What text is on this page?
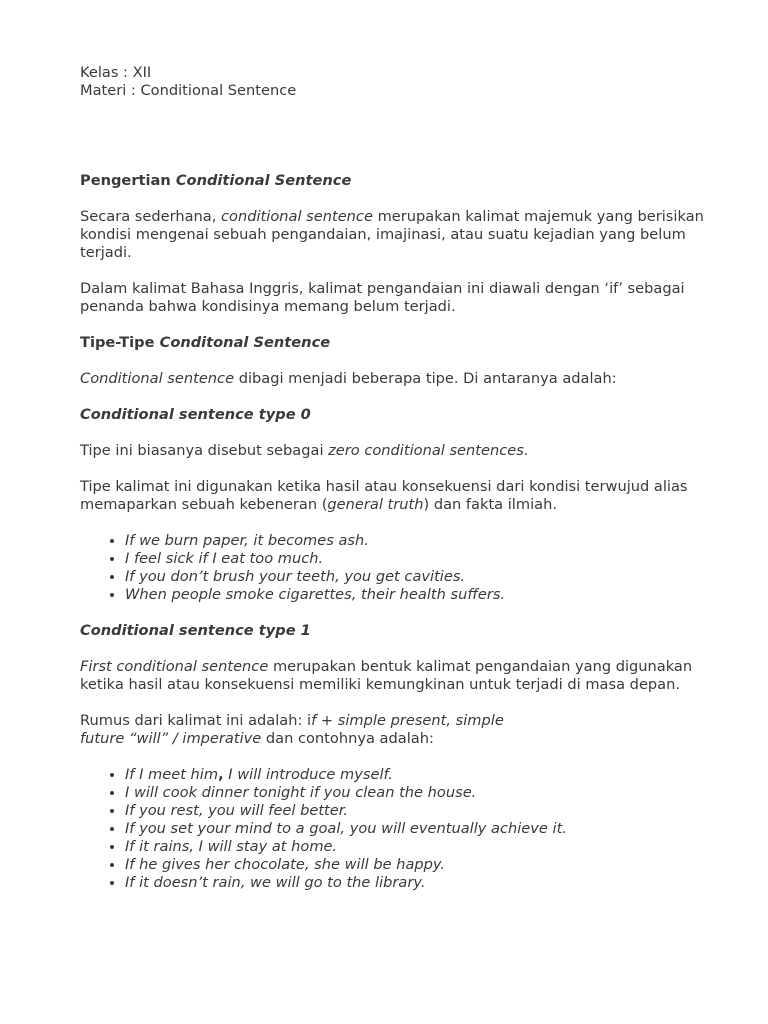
Kelas : XII

Materi : Conditional Sentence

Pengertian Conditional Sentence

Secara sederhana, conditional sentence merupakan kalimat majemuk yang berisikan kondisi mengenai sebuah pengandaian, imajinasi, atau suatu kejadian yang belum terjadi.

Dalam kalimat Bahasa Inggris, kalimat pengandaian ini diawali dengan ‘if’ sebagai penanda bahwa kondisinya memang belum terjadi.

Tipe-Tipe Conditonal Sentence

Conditional sentence dibagi menjadi beberapa tipe. Di antaranya adalah:

Conditional sentence type 0

Tipe ini biasanya disebut sebagai zero conditional sentences.

Tipe kalimat ini digunakan ketika hasil atau konsekuensi dari kondisi terwujud alias memaparkan sebuah kebeneran (general truth) dan fakta ilmiah.

• If we burn paper, it becomes ash.
• I feel sick if I eat too much.
• If you don’t brush your teeth, you get cavities.
• When people smoke cigarettes, their health suffers.
Conditional sentence type 1

First conditional sentence merupakan bentuk kalimat pengandaian yang digunakan ketika hasil atau konsekuensi memiliki kemungkinan untuk terjadi di masa depan.

Rumus dari kalimat ini adalah: if + simple present, simple
future “will” / imperative dan contohnya adalah:

• If I meet him, I will introduce myself.
• I will cook dinner tonight if you clean the house.
• If you rest, you will feel better.
• If you set your mind to a goal, you will eventually achieve it.
• If it rains, I will stay at home.
• If he gives her chocolate, she will be happy.
• If it doesn’t rain, we will go to the library.
